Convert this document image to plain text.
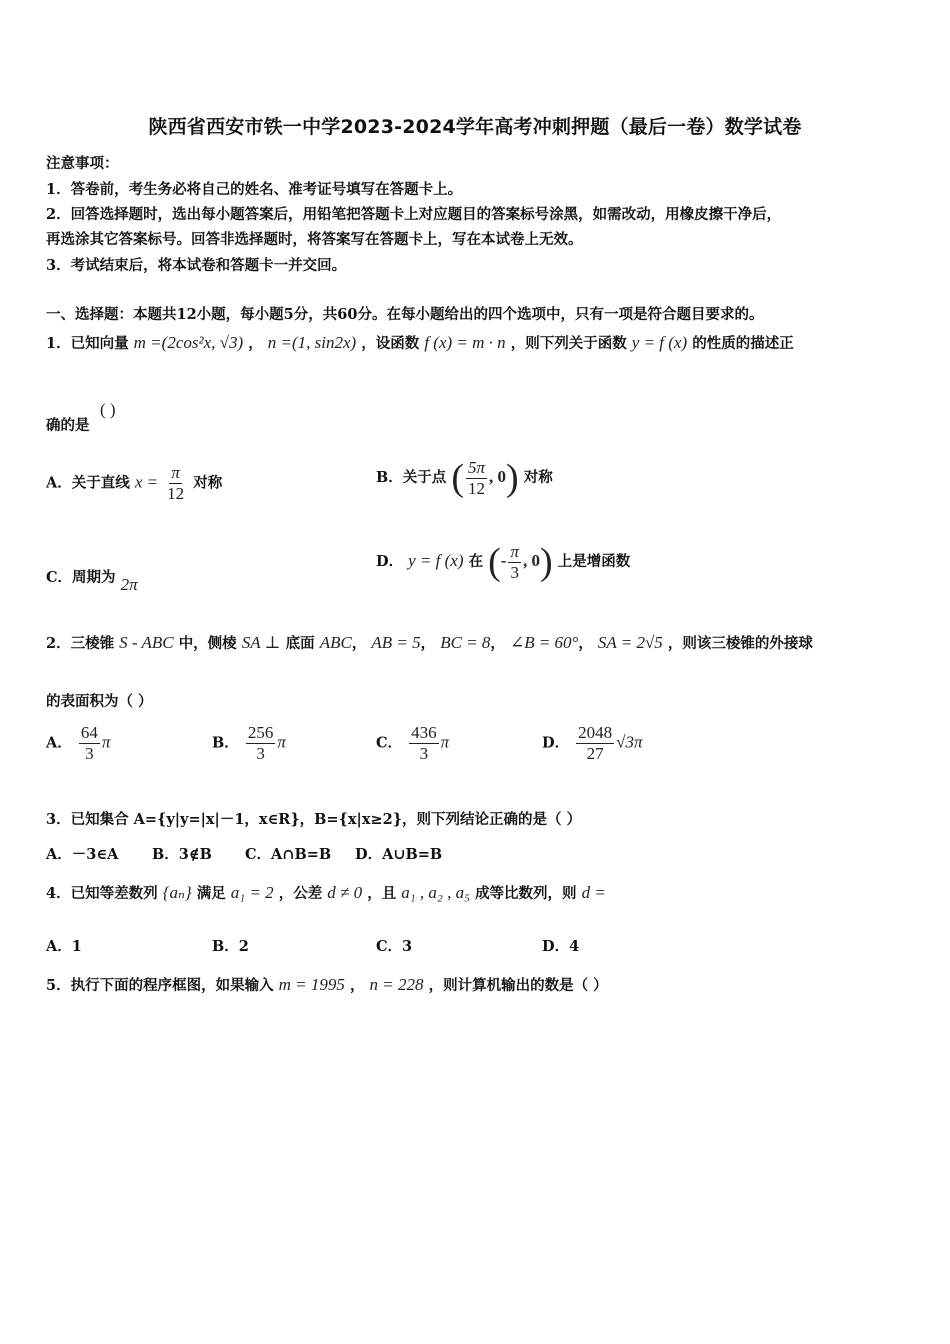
陕西省西安市铁一中学2023-2024学年高考冲刺押题（最后一卷）数学试卷
注意事项：
1．答卷前，考生务必将自己的姓名、准考证号填写在答题卡上。
2．回答选择题时，选出每小题答案后，用铅笔把答题卡上对应题目的答案标号涂黑，如需改动，用橡皮擦干净后，
再选涂其它答案标号。回答非选择题时，将答案写在答题卡上，写在本试卷上无效。
3．考试结束后，将本试卷和答题卡一并交回。
一、选择题：本题共12小题，每小题5分，共60分。在每小题给出的四个选项中，只有一项是符合题目要求的。
1．已知向量 m =(2cos²x, √3) ， n =(1, sin2x) ，设函数 f (x) = m · n ，则下列关于函数 y = f (x) 的性质的描述正
确的是
( )
A．关于直线 $x = \frac{\pi}{12}$ 对称	B．关于点 ( $\frac{5\pi}{12}$ , 0) 对称
C．周期为 2π
D． y = f (x) 在 (- $\frac{\pi}{3}$ , 0) 上是增函数
2．三棱锥 S - ABC 中，侧棱 SA ⊥ 底面 ABC， AB = 5， BC = 8， ∠B = 60°， SA = 2√5 ，则该三棱锥的外接球
的表面积为（ ）
A． $\frac{64}{3}$ π	B． $\frac{256}{3}$ π	C． $\frac{436}{3}$ π	D． $\frac{2048}{27} √3\pi$
3．已知集合 A={y|y=|x|－1，x∈R}，B={x|x≥2}，则下列结论正确的是（ ）
A．－3∈A B．3∉B C．A∩B=B D．A∪B=B
4．已知等差数列 {aₙ} 满足 a₁ = 2 ，公差 d ≠ 0 ，且 a₁ , a₂ , a₅ 成等比数列，则 d =
A．1	B．2	C．3	D．4
5．执行下面的程序框图，如果输入 m = 1995 ， n = 228 ，则计算机输出的数是（ ）
